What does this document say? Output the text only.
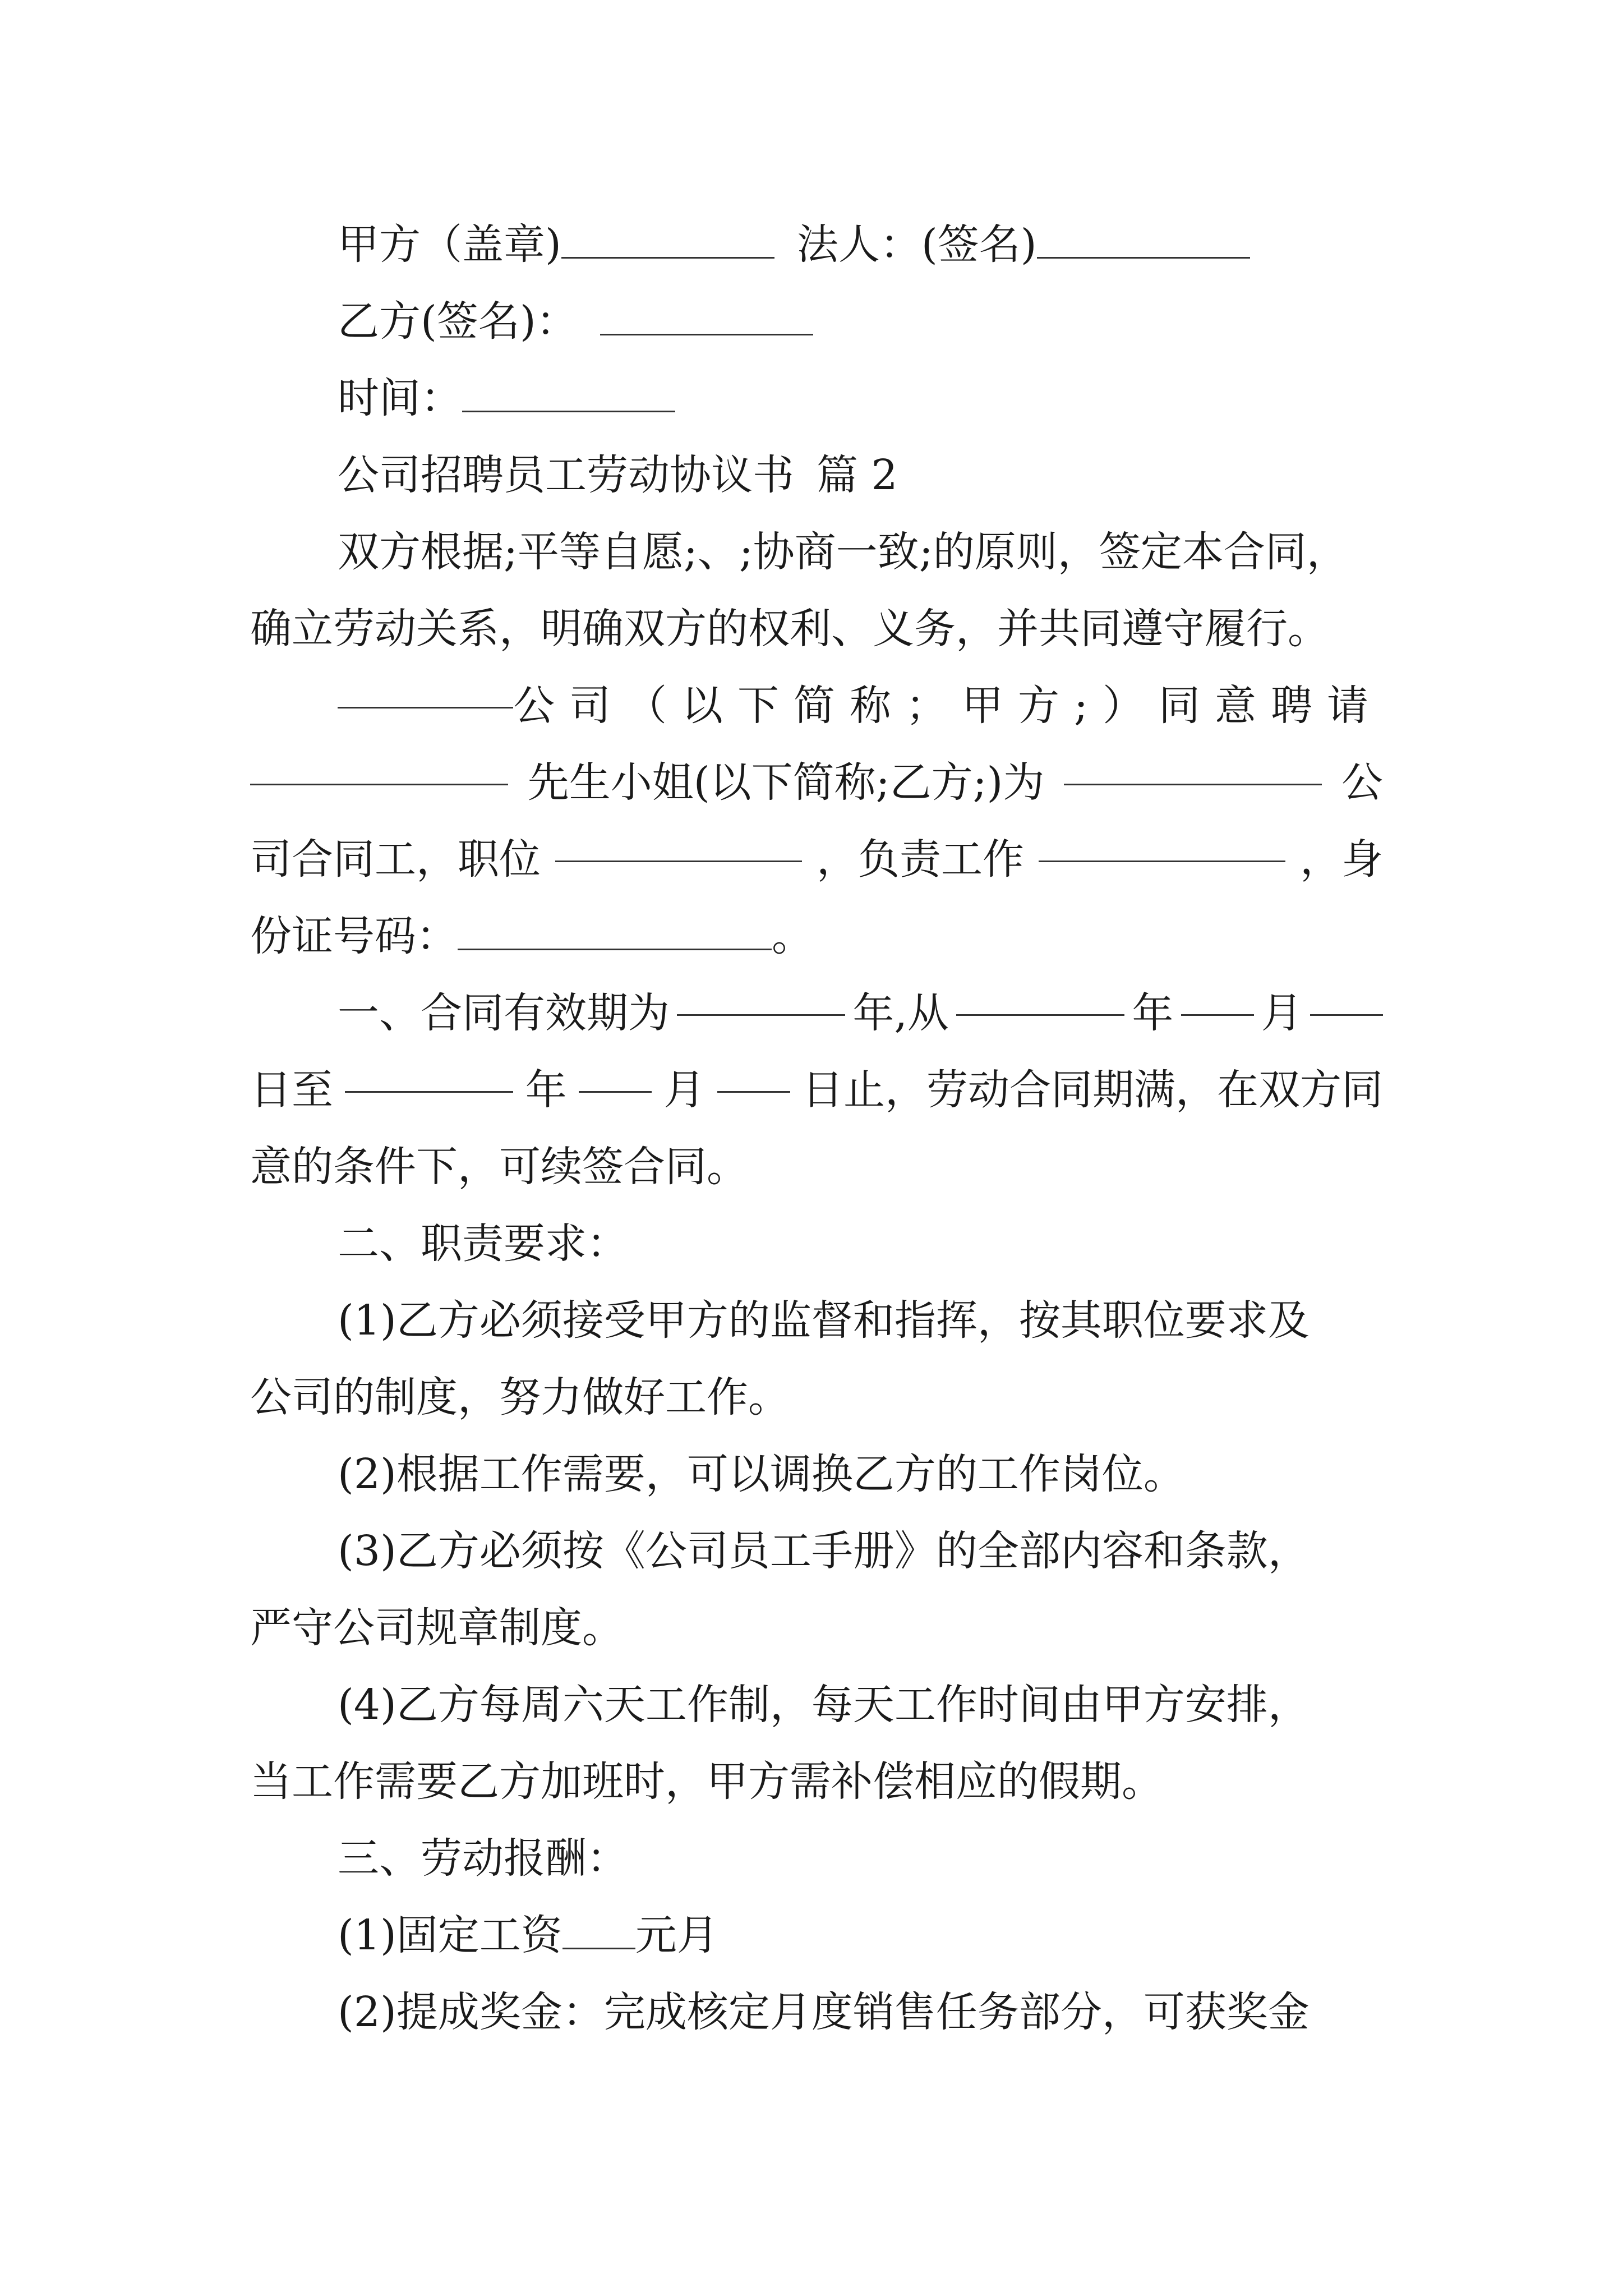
甲方（盖章)	法人：(签名)
乙方(签名)：
时间：
公司招聘员工劳动协议书 篇 2
双方根据;平等自愿;、;协商一致;的原则，签定本合同，
确立劳动关系，明确双方的权利、义务，并共同遵守履行。
公司（以下简称；甲方;）同意聘请
先生小姐(以下简称;乙方;)为	公
司合同工，职位	，负责工作	，身
份证号码：	。
一、合同有效期为	年,从	年 月
日至	年 月 日止，劳动合同期满，在双方同
意的条件下，可续签合同。
二、职责要求：
(1)乙方必须接受甲方的监督和指挥，按其职位要求及
公司的制度，努力做好工作。
(2)根据工作需要，可以调换乙方的工作岗位。
(3)乙方必须按《公司员工手册》的全部内容和条款，
严守公司规章制度。
(4)乙方每周六天工作制，每天工作时间由甲方安排，
当工作需要乙方加班时，甲方需补偿相应的假期。
三、劳动报酬：
(1)固定工资 元月
(2)提成奖金：完成核定月度销售任务部分，可获奖金
